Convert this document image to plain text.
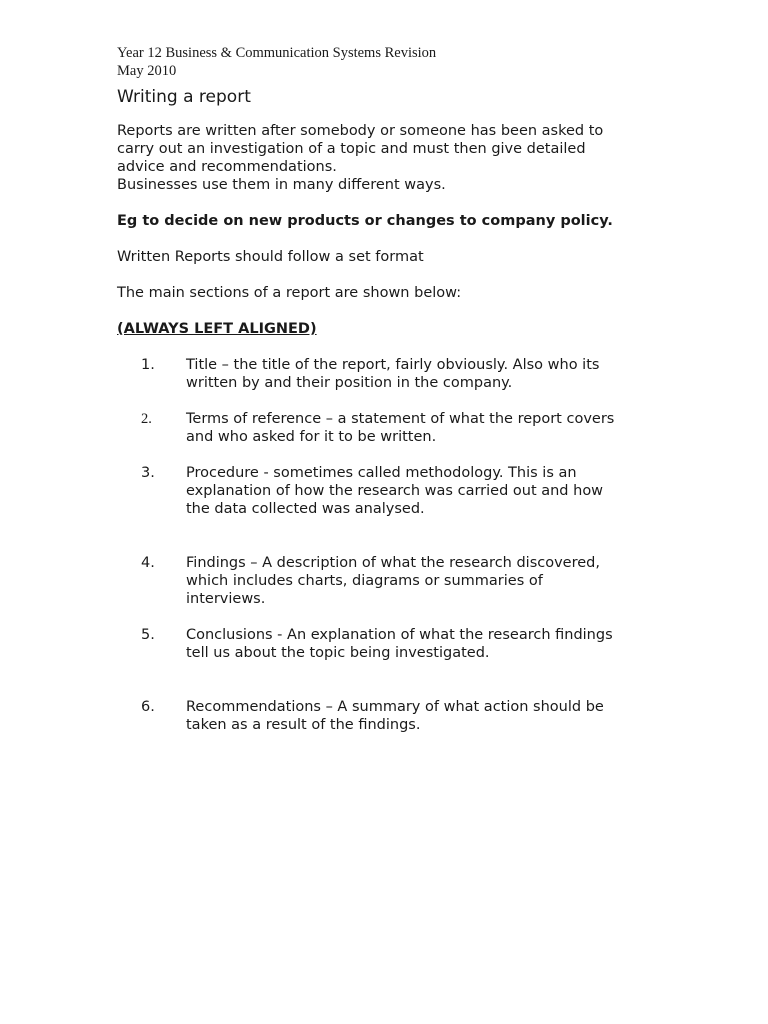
Year 12 Business & Communication Systems Revision

May 2010

Writing a report

Reports are written after somebody or someone has been asked to

carry out an investigation of a topic and must then give detailed

advice and recommendations.

Businesses use them in many different ways.

Eg to decide on new products or changes to company policy.

Written Reports should follow a set format

The main sections of a report are shown below:

(ALWAYS LEFT ALIGNED)

1.	Title – the title of the report, fairly obviously. Also who its
written by and their position in the company.
2.	Terms of reference – a statement of what the report covers
and who asked for it to be written.
3.	Procedure - sometimes called methodology. This is an
explanation of how the research was carried out and how
the data collected was analysed.
4.	Findings – A description of what the research discovered,
which includes charts, diagrams or summaries of
interviews.
5.	Conclusions - An explanation of what the research findings
tell us about the topic being investigated.
6.	Recommendations – A summary of what action should be
taken as a result of the findings.
